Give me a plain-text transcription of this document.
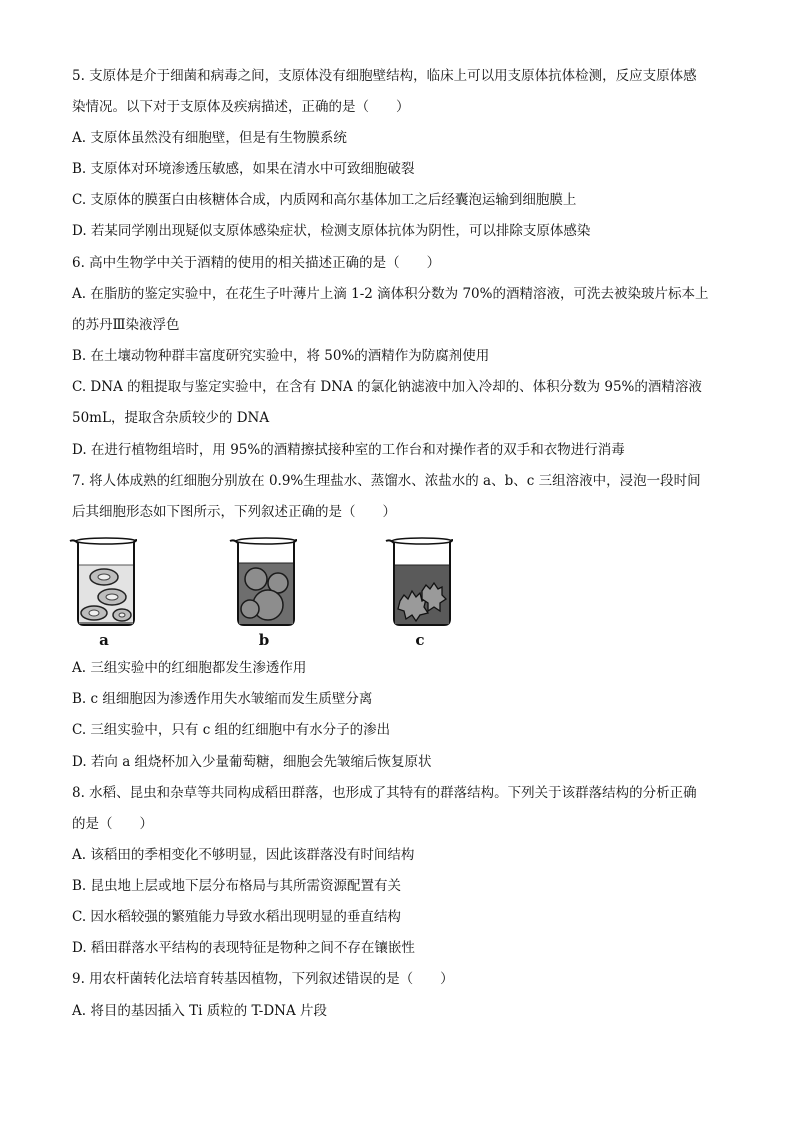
5. 支原体是介于细菌和病毒之间，支原体没有细胞壁结构，临床上可以用支原体抗体检测，反应支原体感
染情况。以下对于支原体及疾病描述，正确的是（　　）
A. 支原体虽然没有细胞壁，但是有生物膜系统
B. 支原体对环境渗透压敏感，如果在清水中可致细胞破裂
C. 支原体的膜蛋白由核糖体合成，内质网和高尔基体加工之后经囊泡运输到细胞膜上
D. 若某同学刚出现疑似支原体感染症状，检测支原体抗体为阴性，可以排除支原体感染
6. 高中生物学中关于酒精的使用的相关描述正确的是（　　）
A. 在脂肪的鉴定实验中，在花生子叶薄片上滴 1-2 滴体积分数为 70%的酒精溶液，可洗去被染玻片标本上
的苏丹Ⅲ染液浮色
B. 在土壤动物种群丰富度研究实验中，将 50%的酒精作为防腐剂使用
C. DNA 的粗提取与鉴定实验中，在含有 DNA 的氯化钠滤液中加入冷却的、体积分数为 95%的酒精溶液
50mL，提取含杂质较少的 DNA
D. 在进行植物组培时，用 95%的酒精擦拭接种室的工作台和对操作者的双手和衣物进行消毒
7. 将人体成熟的红细胞分别放在 0.9%生理盐水、蒸馏水、浓盐水的 a、b、c 三组溶液中，浸泡一段时间
后其细胞形态如下图所示，下列叙述正确的是（　　）
A. 三组实验中的红细胞都发生渗透作用
B. c 组细胞因为渗透作用失水皱缩而发生质壁分离
C. 三组实验中，只有 c 组的红细胞中有水分子的渗出
D. 若向 a 组烧杯加入少量葡萄糖，细胞会先皱缩后恢复原状
8. 水稻、昆虫和杂草等共同构成稻田群落，也形成了其特有的群落结构。下列关于该群落结构的分析正确
的是（　　）
A. 该稻田的季相变化不够明显，因此该群落没有时间结构
B. 昆虫地上层或地下层分布格局与其所需资源配置有关
C. 因水稻较强的繁殖能力导致水稻出现明显的垂直结构
D. 稻田群落水平结构的表现特征是物种之间不存在镶嵌性
9. 用农杆菌转化法培育转基因植物，下列叙述错误的是（　　）
A. 将目的基因插入 Ti 质粒的 T-DNA 片段
a	b	c
